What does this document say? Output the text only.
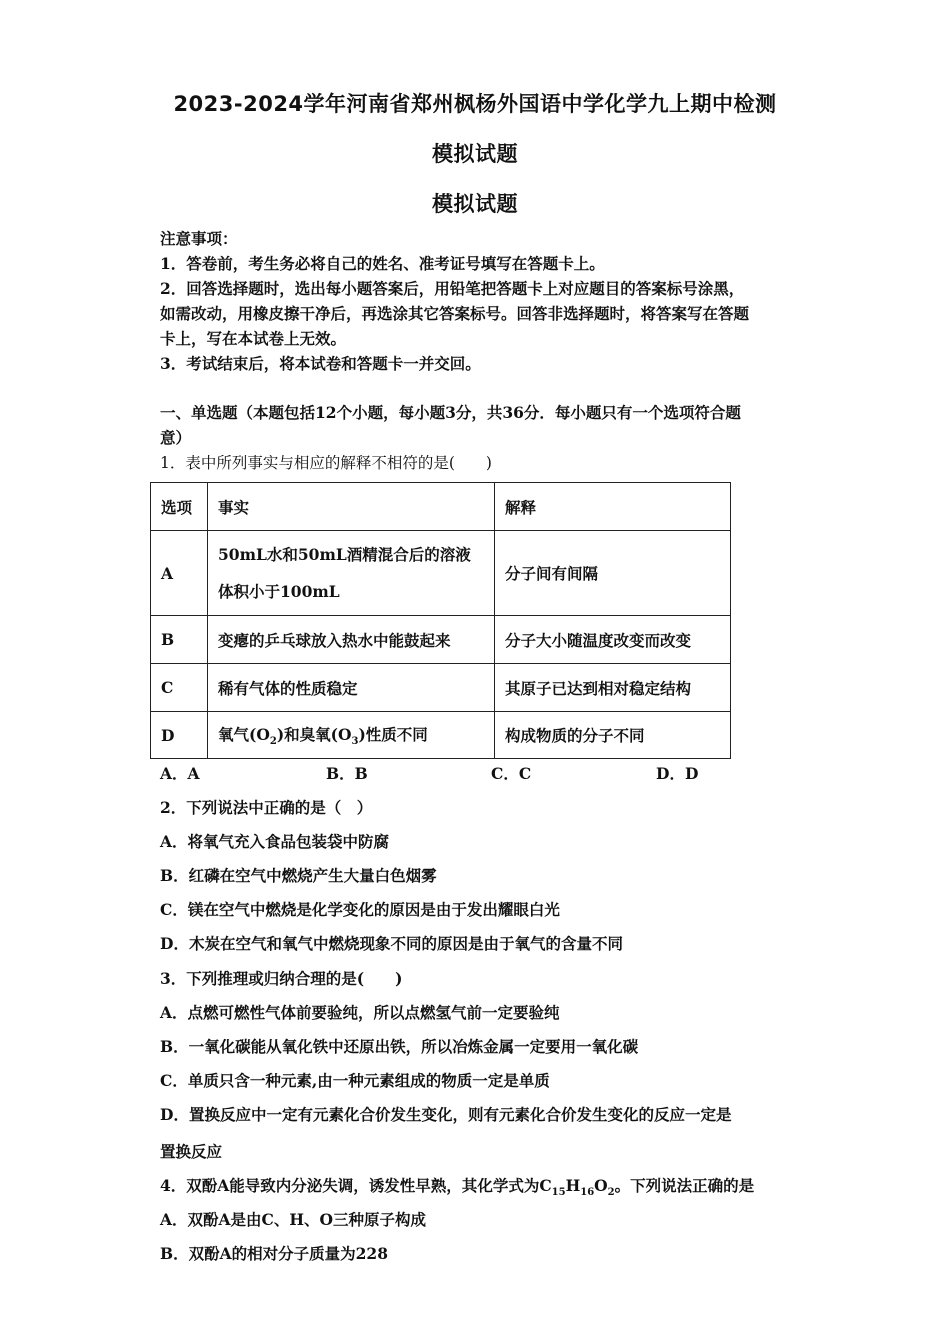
2023-2024学年河南省郑州枫杨外国语中学化学九上期中检测
模拟试题
模拟试题
注意事项：
1．答卷前，考生务必将自己的姓名、准考证号填写在答题卡上。
2．回答选择题时，选出每小题答案后，用铅笔把答题卡上对应题目的答案标号涂黑，
如需改动，用橡皮擦干净后，再选涂其它答案标号。回答非选择题时，将答案写在答题
卡上，写在本试卷上无效。
3．考试结束后，将本试卷和答题卡一并交回。
一、单选题（本题包括12个小题，每小题3分，共36分．每小题只有一个选项符合题
意）
1．表中所列事实与相应的解释不相符的是(　　)
选项	事实	解释
A	50mL水和50mL酒精混合后的溶液
体积小于100mL	分子间有间隔
B	变瘪的乒乓球放入热水中能鼓起来	分子大小随温度改变而改变
C	稀有气体的性质稳定	其原子已达到相对稳定结构
D	氧气$(O_2)$和臭氧$(O_3)$性质不同	构成物质的分子不同
A．A	B．B	C．C	D．D
2．下列说法中正确的是（　）
A．将氧气充入食品包装袋中防腐
B．红磷在空气中燃烧产生大量白色烟雾
C．镁在空气中燃烧是化学变化的原因是由于发出耀眼白光
D．木炭在空气和氧气中燃烧现象不同的原因是由于氧气的含量不同
3．下列推理或归纳合理的是(　　)
A．点燃可燃性气体前要验纯，所以点燃氢气前一定要验纯
B．一氧化碳能从氧化铁中还原出铁，所以冶炼金属一定要用一氧化碳
C．单质只含一种元素,由一种元素组成的物质一定是单质
D．置换反应中一定有元素化合价发生变化，则有元素化合价发生变化的反应一定是
置换反应
4．双酚A能导致内分泌失调，诱发性早熟，其化学式为$C_{15}H_{16}O_2$。下列说法正确的是
A．双酚A是由C、H、O三种原子构成
B．双酚A的相对分子质量为228
